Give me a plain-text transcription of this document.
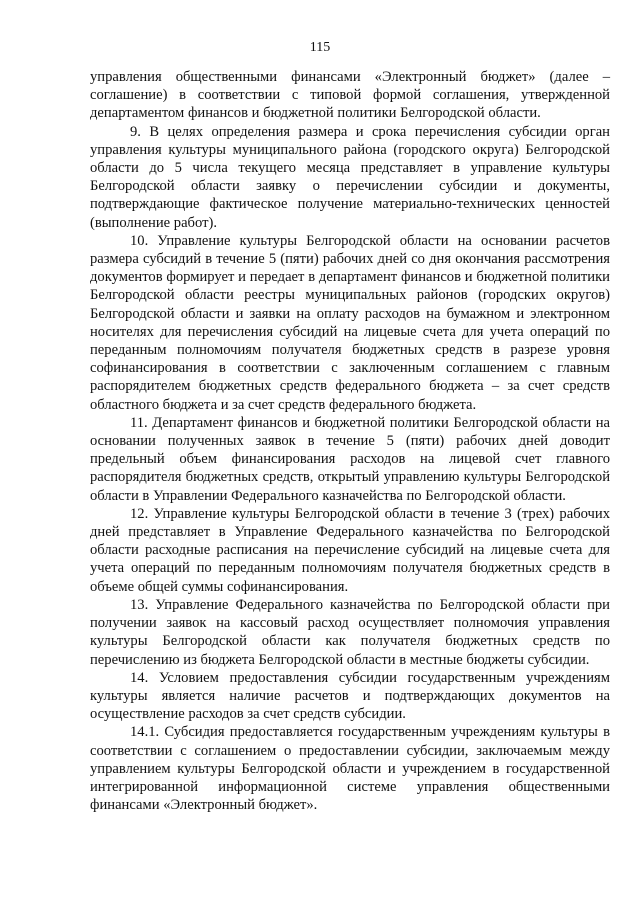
115

управления общественными финансами «Электронный бюджет» (далее – соглашение) в соответствии с типовой формой соглашения, утвержденной департаментом финансов и бюджетной политики Белгородской области.

9. В целях определения размера и срока перечисления субсидии орган управления культуры муниципального района (городского округа) Белгородской области до 5 числа текущего месяца представляет в управление культуры Белгородской области заявку о перечислении субсидии и документы, подтверждающие фактическое получение материально-технических ценностей (выполнение работ).

10. Управление культуры Белгородской области на основании расчетов размера субсидий в течение 5 (пяти) рабочих дней со дня окончания рассмотрения документов формирует и передает в департамент финансов и бюджетной политики Белгородской области реестры муниципальных районов (городских округов) Белгородской области и заявки на оплату расходов на бумажном и электронном носителях для перечисления субсидий на лицевые счета для учета операций по переданным полномочиям получателя бюджетных средств в разрезе уровня софинансирования в соответствии с заключенным соглашением с главным распорядителем бюджетных средств федерального бюджета – за счет средств областного бюджета и за счет средств федерального бюджета.

11. Департамент финансов и бюджетной политики Белгородской области на основании полученных заявок в течение 5 (пяти) рабочих дней доводит предельный объем финансирования расходов на лицевой счет главного распорядителя бюджетных средств, открытый управлению культуры Белгородской области в Управлении Федерального казначейства по Белгородской области.

12. Управление культуры Белгородской области в течение 3 (трех) рабочих дней представляет в Управление Федерального казначейства по Белгородской области расходные расписания на перечисление субсидий на лицевые счета для учета операций по переданным полномочиям получателя бюджетных средств в объеме общей суммы софинансирования.

13. Управление Федерального казначейства по Белгородской области при получении заявок на кассовый расход осуществляет полномочия управления культуры Белгородской области как получателя бюджетных средств по перечислению из бюджета Белгородской области в местные бюджеты субсидии.

14. Условием предоставления субсидии государственным учреждениям культуры является наличие расчетов и подтверждающих документов на осуществление расходов за счет средств субсидии.

14.1. Субсидия предоставляется государственным учреждениям культуры в соответствии с соглашением о предоставлении субсидии, заключаемым между управлением культуры Белгородской области и учреждением в государственной интегрированной информационной системе управления общественными финансами «Электронный бюджет».
